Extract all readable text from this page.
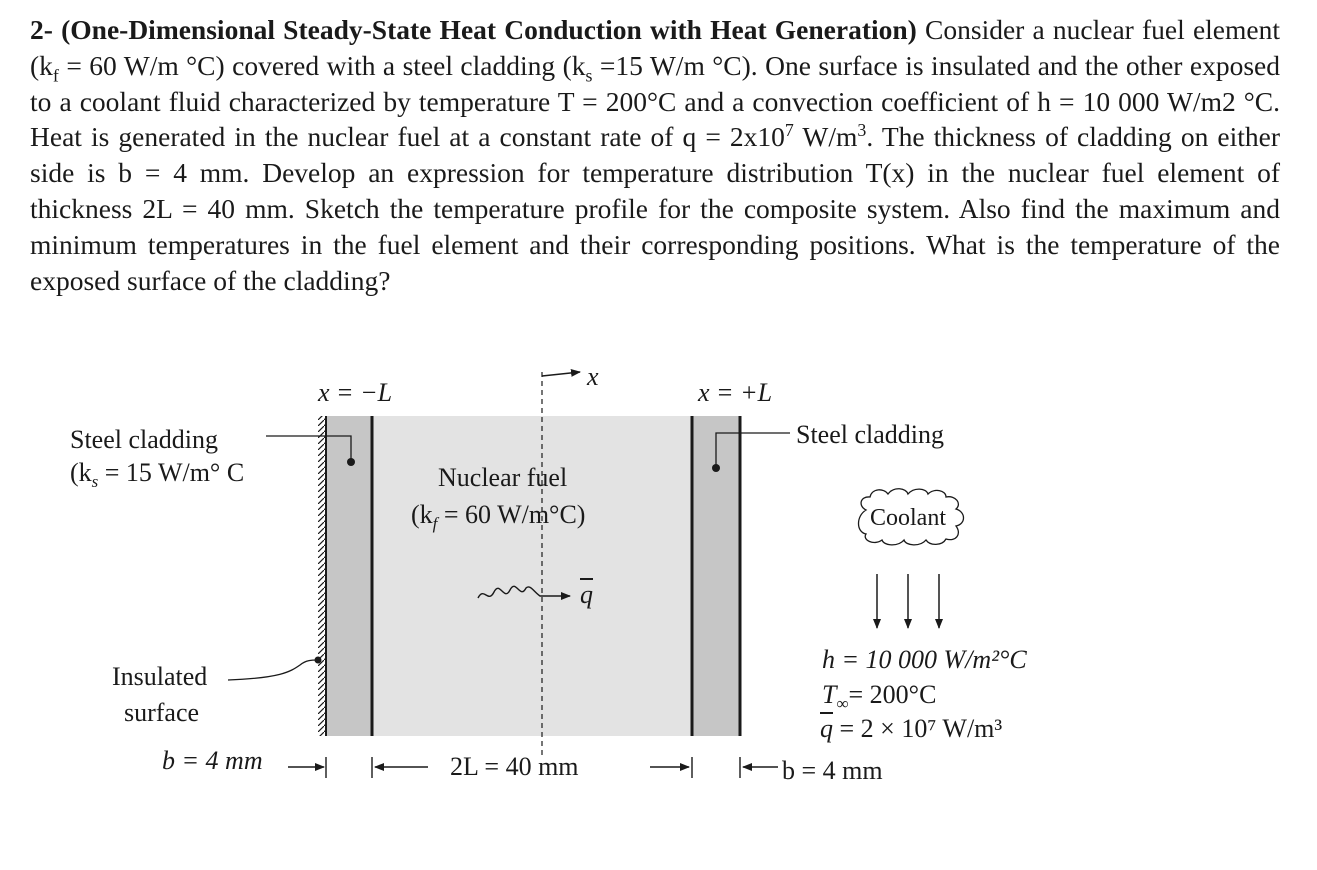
2- (One-Dimensional Steady-State Heat Conduction with Heat Generation) Consider a nuclear fuel element ($k_f = 60$ W/m °C) covered with a steel cladding ($k_s =15$ W/m °C). One surface is insulated and the other exposed to a coolant fluid characterized by temperature T = 200°C and a convection coefficient of h = 10 000 W/m2 °C. Heat is generated in the nuclear fuel at a constant rate of $q = 2x10^7$ $W/m^3$. The thickness of cladding on either side is b = 4 mm. Develop an expression for temperature distribution T(x) in the nuclear fuel element of thickness 2L = 40 mm. Sketch the temperature profile for the composite system. Also find the maximum and minimum temperatures in the fuel element and their corresponding positions. What is the temperature of the exposed surface of the cladding?
x = −L	x = +L
x
Steel cladding
($k_s = 15$ W/m° C
Steel cladding
Nuclear fuel
($k_f = 60$ W/m°C)
$\overline{q}$
Coolant
Insulated
surface
h = 10 000 W/m²°C
$T_\infty= 200^\circ C$
$\overline{q} = 2 \times 10^7$ W/m³
b = 4 mm	2L = 40 mm	b = 4 mm
